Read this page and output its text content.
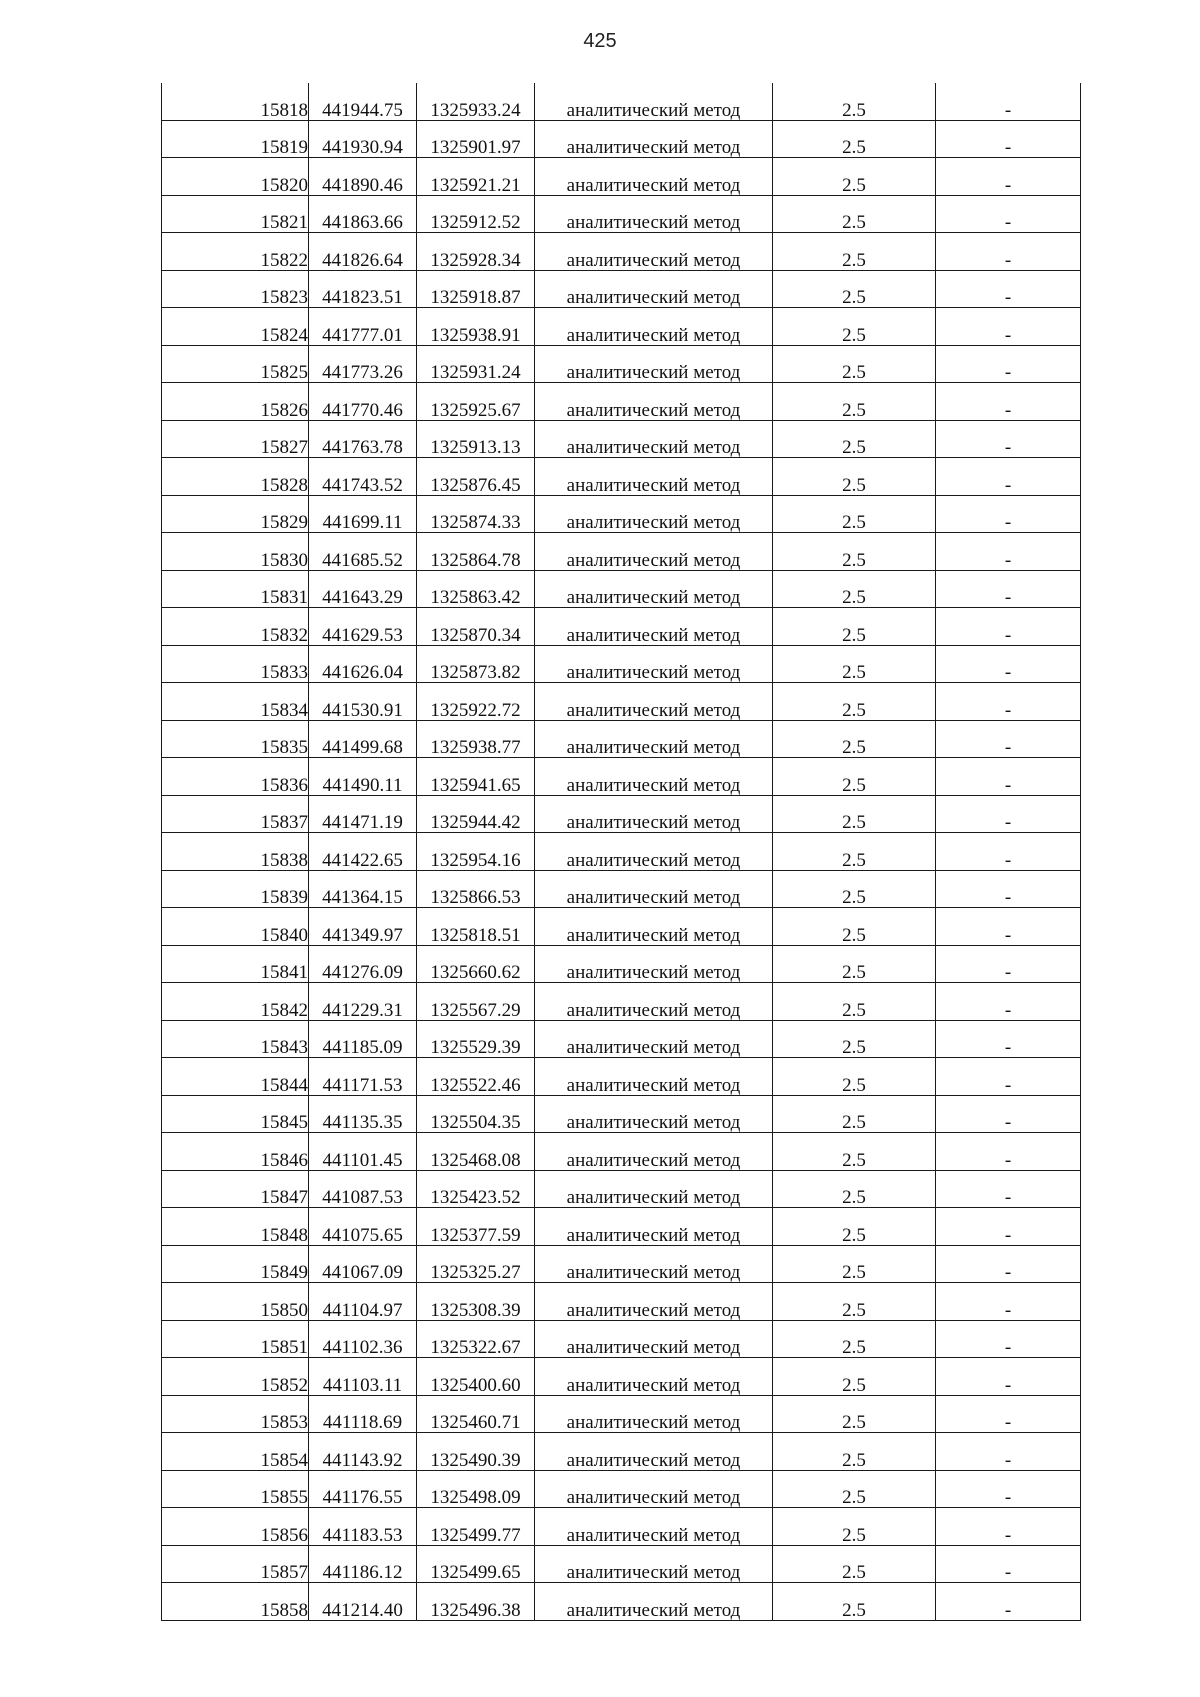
425
15818	441944.75	1325933.24	аналитический метод	2.5	-
15819	441930.94	1325901.97	аналитический метод	2.5	-
15820	441890.46	1325921.21	аналитический метод	2.5	-
15821	441863.66	1325912.52	аналитический метод	2.5	-
15822	441826.64	1325928.34	аналитический метод	2.5	-
15823	441823.51	1325918.87	аналитический метод	2.5	-
15824	441777.01	1325938.91	аналитический метод	2.5	-
15825	441773.26	1325931.24	аналитический метод	2.5	-
15826	441770.46	1325925.67	аналитический метод	2.5	-
15827	441763.78	1325913.13	аналитический метод	2.5	-
15828	441743.52	1325876.45	аналитический метод	2.5	-
15829	441699.11	1325874.33	аналитический метод	2.5	-
15830	441685.52	1325864.78	аналитический метод	2.5	-
15831	441643.29	1325863.42	аналитический метод	2.5	-
15832	441629.53	1325870.34	аналитический метод	2.5	-
15833	441626.04	1325873.82	аналитический метод	2.5	-
15834	441530.91	1325922.72	аналитический метод	2.5	-
15835	441499.68	1325938.77	аналитический метод	2.5	-
15836	441490.11	1325941.65	аналитический метод	2.5	-
15837	441471.19	1325944.42	аналитический метод	2.5	-
15838	441422.65	1325954.16	аналитический метод	2.5	-
15839	441364.15	1325866.53	аналитический метод	2.5	-
15840	441349.97	1325818.51	аналитический метод	2.5	-
15841	441276.09	1325660.62	аналитический метод	2.5	-
15842	441229.31	1325567.29	аналитический метод	2.5	-
15843	441185.09	1325529.39	аналитический метод	2.5	-
15844	441171.53	1325522.46	аналитический метод	2.5	-
15845	441135.35	1325504.35	аналитический метод	2.5	-
15846	441101.45	1325468.08	аналитический метод	2.5	-
15847	441087.53	1325423.52	аналитический метод	2.5	-
15848	441075.65	1325377.59	аналитический метод	2.5	-
15849	441067.09	1325325.27	аналитический метод	2.5	-
15850	441104.97	1325308.39	аналитический метод	2.5	-
15851	441102.36	1325322.67	аналитический метод	2.5	-
15852	441103.11	1325400.60	аналитический метод	2.5	-
15853	441118.69	1325460.71	аналитический метод	2.5	-
15854	441143.92	1325490.39	аналитический метод	2.5	-
15855	441176.55	1325498.09	аналитический метод	2.5	-
15856	441183.53	1325499.77	аналитический метод	2.5	-
15857	441186.12	1325499.65	аналитический метод	2.5	-
15858	441214.40	1325496.38	аналитический метод	2.5	-
